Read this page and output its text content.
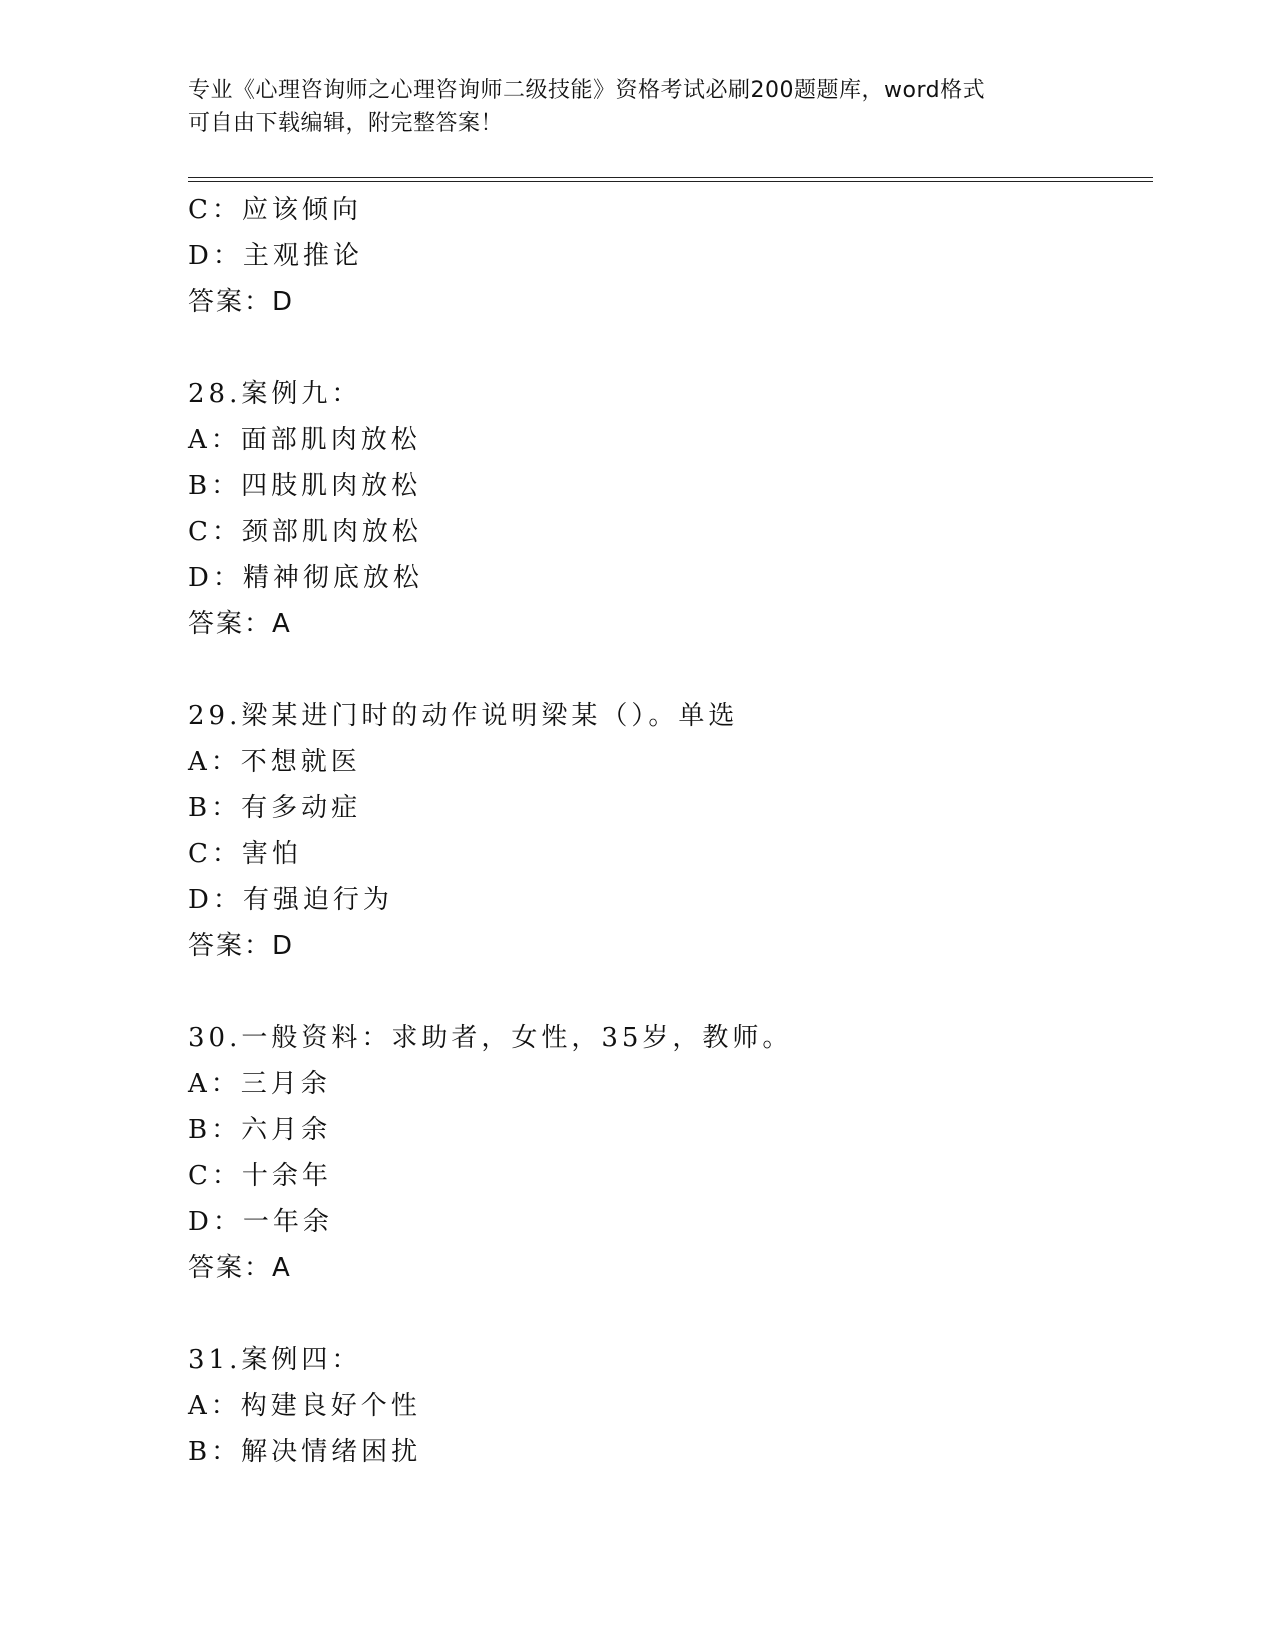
专业《心理咨询师之心理咨询师二级技能》资格考试必刷200题题库，word格式
可自由下载编辑，附完整答案！
C：应该倾向
D：主观推论
答案：D
28.案例九：
A：面部肌肉放松
B：四肢肌肉放松
C：颈部肌肉放松
D：精神彻底放松
答案：A
29.梁某进门时的动作说明梁某（）。单选
A：不想就医
B：有多动症
C：害怕
D：有强迫行为
答案：D
30.一般资料：求助者，女性，35岁，教师。
A：三月余
B：六月余
C：十余年
D：一年余
答案：A
31.案例四：
A：构建良好个性
B：解决情绪困扰
